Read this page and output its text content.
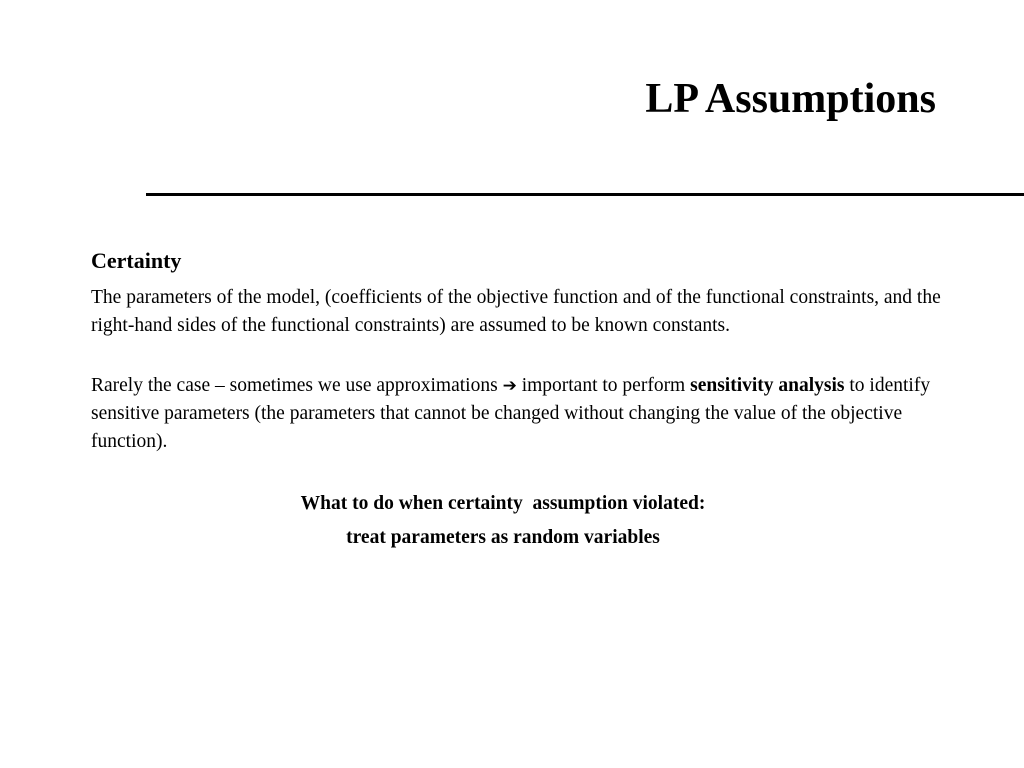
LP Assumptions
Certainty

The parameters of the model, (coefficients of the objective function and of the functional constraints, and the right-hand sides of the functional constraints) are assumed to be known constants.

Rarely the case – sometimes we use approximations ➔ important to perform sensitivity analysis to identify sensitive parameters (the parameters that cannot be changed without changing the value of the objective function).

What to do when certainty  assumption violated:

treat parameters as random variables
